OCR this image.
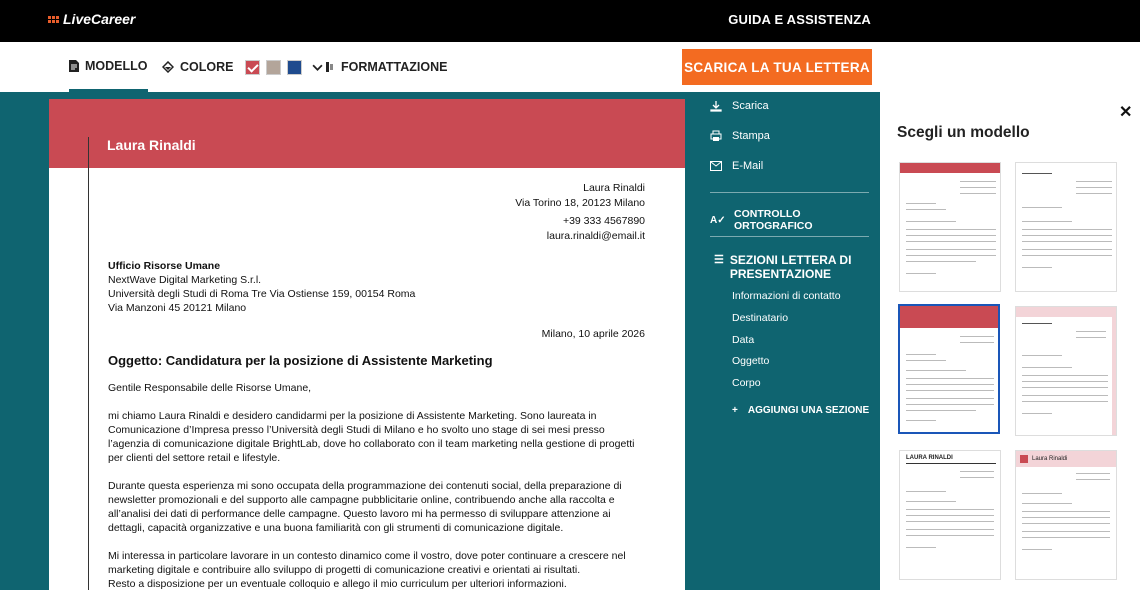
LiveCareer	GUIDA E ASSISTENZA
MODELLO	COLORE	FORMATTAZIONE	SCARICA LA TUA LETTERA
Laura Rinaldi
Laura Rinaldi
Via Torino 18, 20123 Milano
+39 333 4567890
laura.rinaldi@email.it
Ufficio Risorse Umane
NextWave Digital Marketing S.r.l.
Università degli Studi di Roma Tre Via Ostiense 159, 00154 Roma
Via Manzoni 45 20121 Milano
Milano, 10 aprile 2026
Oggetto: Candidatura per la posizione di Assistente Marketing

Gentile Responsabile delle Risorse Umane,

mi chiamo Laura Rinaldi e desidero candidarmi per la posizione di Assistente Marketing. Sono laureata in Comunicazione d’Impresa presso l’Università degli Studi di Milano e ho svolto uno stage di sei mesi presso l’agenzia di comunicazione digitale BrightLab, dove ho collaborato con il team marketing nella gestione di progetti per clienti del settore retail e lifestyle.

Durante questa esperienza mi sono occupata della programmazione dei contenuti social, della preparazione di newsletter promozionali e del supporto alle campagne pubblicitarie online, contribuendo anche alla raccolta e all’analisi dei dati di performance delle campagne. Questo lavoro mi ha permesso di sviluppare attenzione ai dettagli, capacità organizzative e una buona familiarità con gli strumenti di comunicazione digitale.

Mi interessa in particolare lavorare in un contesto dinamico come il vostro, dove poter continuare a crescere nel marketing digitale e contribuire allo sviluppo di progetti di comunicazione creativi e orientati ai risultati.

Resto a disposizione per un eventuale colloquio e allego il mio curriculum per ulteriori informazioni.

Scarica
Stampa
E-Mail
A✓ CONTROLLO ORTOGRAFICO
☰ SEZIONI LETTERA DI
PRESENTAZIONE
Informazioni di contatto
Destinatario
Data
Oggetto
Corpo
+ AGGIUNGI UNA SEZIONE
✕
Scegli un modello
LAURA RINALDI	Laura Rinaldi
